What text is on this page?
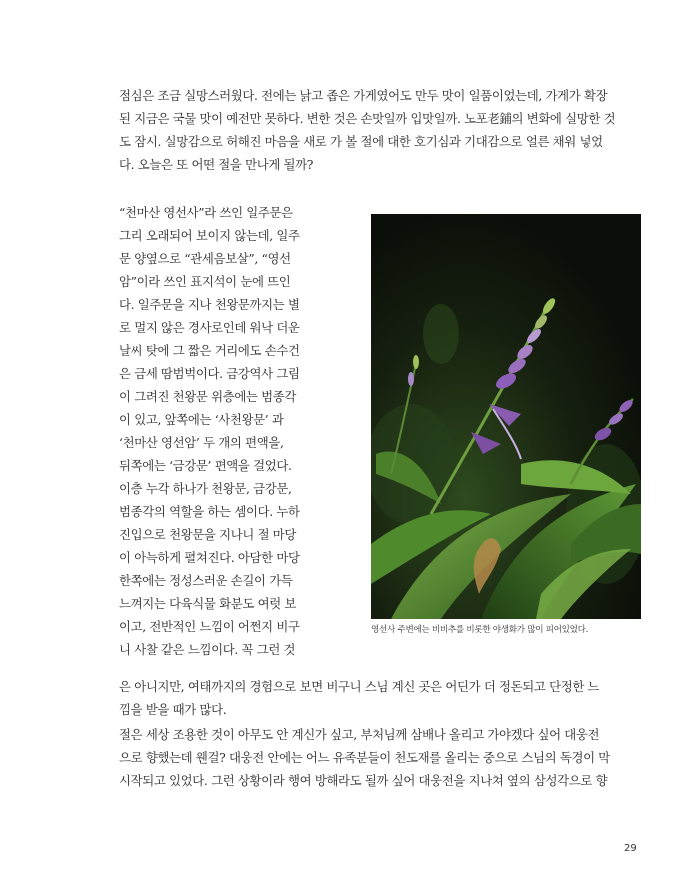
점심은 조금 실망스러웠다. 전에는 낡고 좁은 가게였어도 만두 맛이 일품이었는데, 가게가 확장
된 지금은 국물 맛이 예전만 못하다. 변한 것은 손맛일까 입맛일까. 노포老鋪의 변화에 실망한 것
도 잠시. 실망감으로 허해진 마음을 새로 가 볼 절에 대한 호기심과 기대감으로 얼른 채워 넣었
다. 오늘은 또 어떤 절을 만나게 될까?
“천마산 영선사”라 쓰인 일주문은
그리 오래되어 보이지 않는데, 일주
문 양옆으로 “관세음보살”, “영선
암”이라 쓰인 표지석이 눈에 뜨인
다. 일주문을 지나 천왕문까지는 별
로 멀지 않은 경사로인데 워낙 더운
날씨 탓에 그 짧은 거리에도 손수건
은 금세 땀범벅이다. 금강역사 그림
이 그려진 천왕문 위층에는 범종각
이 있고, 앞쪽에는 ‘사천왕문’ 과
‘천마산 영선암’ 두 개의 편액을,
뒤쪽에는 ‘금강문’ 편액을 걸었다.
이층 누각 하나가 천왕문, 금강문,
범종각의 역할을 하는 셈이다. 누하
진입으로 천왕문을 지나니 절 마당
이 아늑하게 펼쳐진다. 아담한 마당
한쪽에는 정성스러운 손길이 가득
느껴지는 다육식물 화분도 여럿 보
이고, 전반적인 느낌이 어쩐지 비구
니 사찰 같은 느낌이다. 꼭 그런 것
영선사 주변에는 비비추를 비롯한 야생화가 많이 피어있었다.
은 아니지만, 여태까지의 경험으로 보면 비구니 스님 계신 곳은 어딘가 더 정돈되고 단정한 느
낌을 받을 때가 많다.
절은 세상 조용한 것이 아무도 안 계신가 싶고, 부처님께 삼배나 올리고 가야겠다 싶어 대웅전
으로 향했는데 웬걸? 대웅전 안에는 어느 유족분들이 천도재를 올리는 중으로 스님의 독경이 막
시작되고 있었다. 그런 상황이라 행여 방해라도 될까 싶어 대웅전을 지나쳐 옆의 삼성각으로 향
29
